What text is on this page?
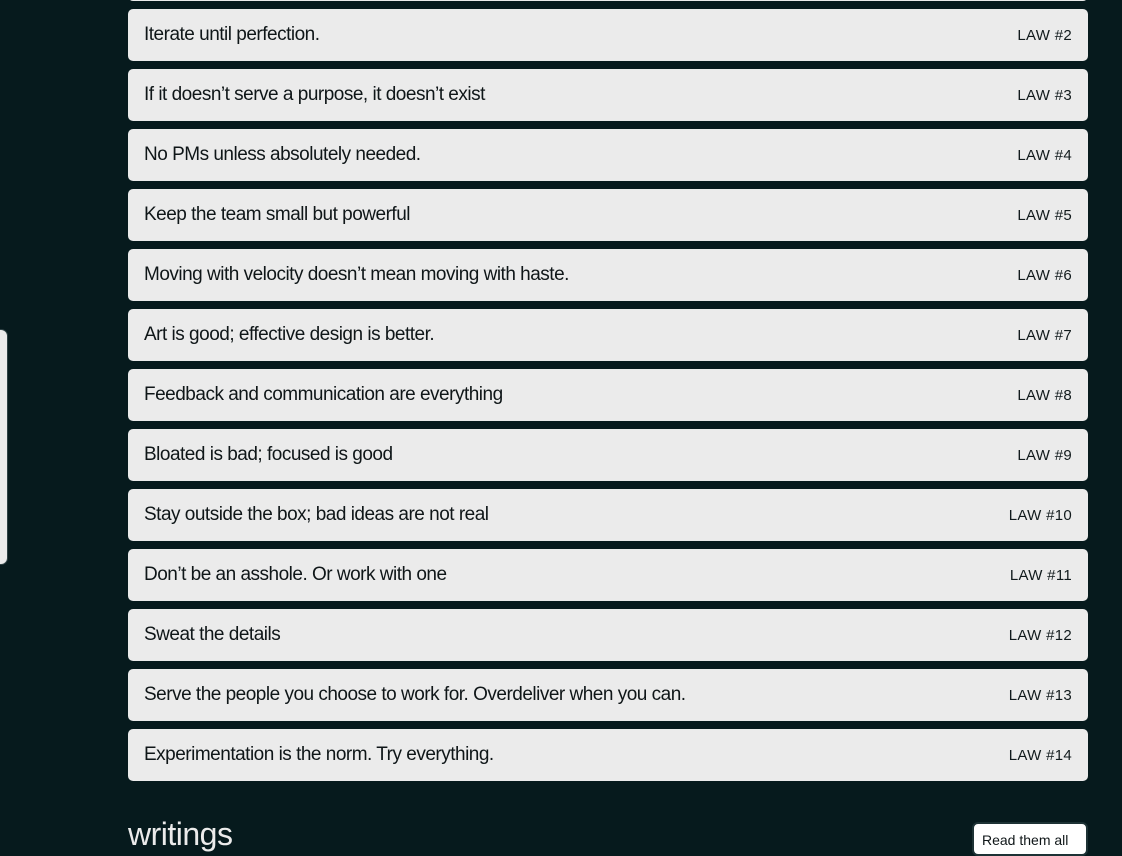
Iterate until perfection.	LAW #2
If it doesn’t serve a purpose, it doesn’t exist	LAW #3
No PMs unless absolutely needed.	LAW #4
Keep the team small but powerful	LAW #5
Moving with velocity doesn’t mean moving with haste.	LAW #6
Art is good; effective design is better.	LAW #7
Feedback and communication are everything	LAW #8
Bloated is bad; focused is good	LAW #9
Stay outside the box; bad ideas are not real	LAW #10
Don’t be an asshole. Or work with one	LAW #11
Sweat the details	LAW #12
Serve the people you choose to work for. Overdeliver when you can.	LAW #13
Experimentation is the norm. Try everything.	LAW #14
writings	Read them all
